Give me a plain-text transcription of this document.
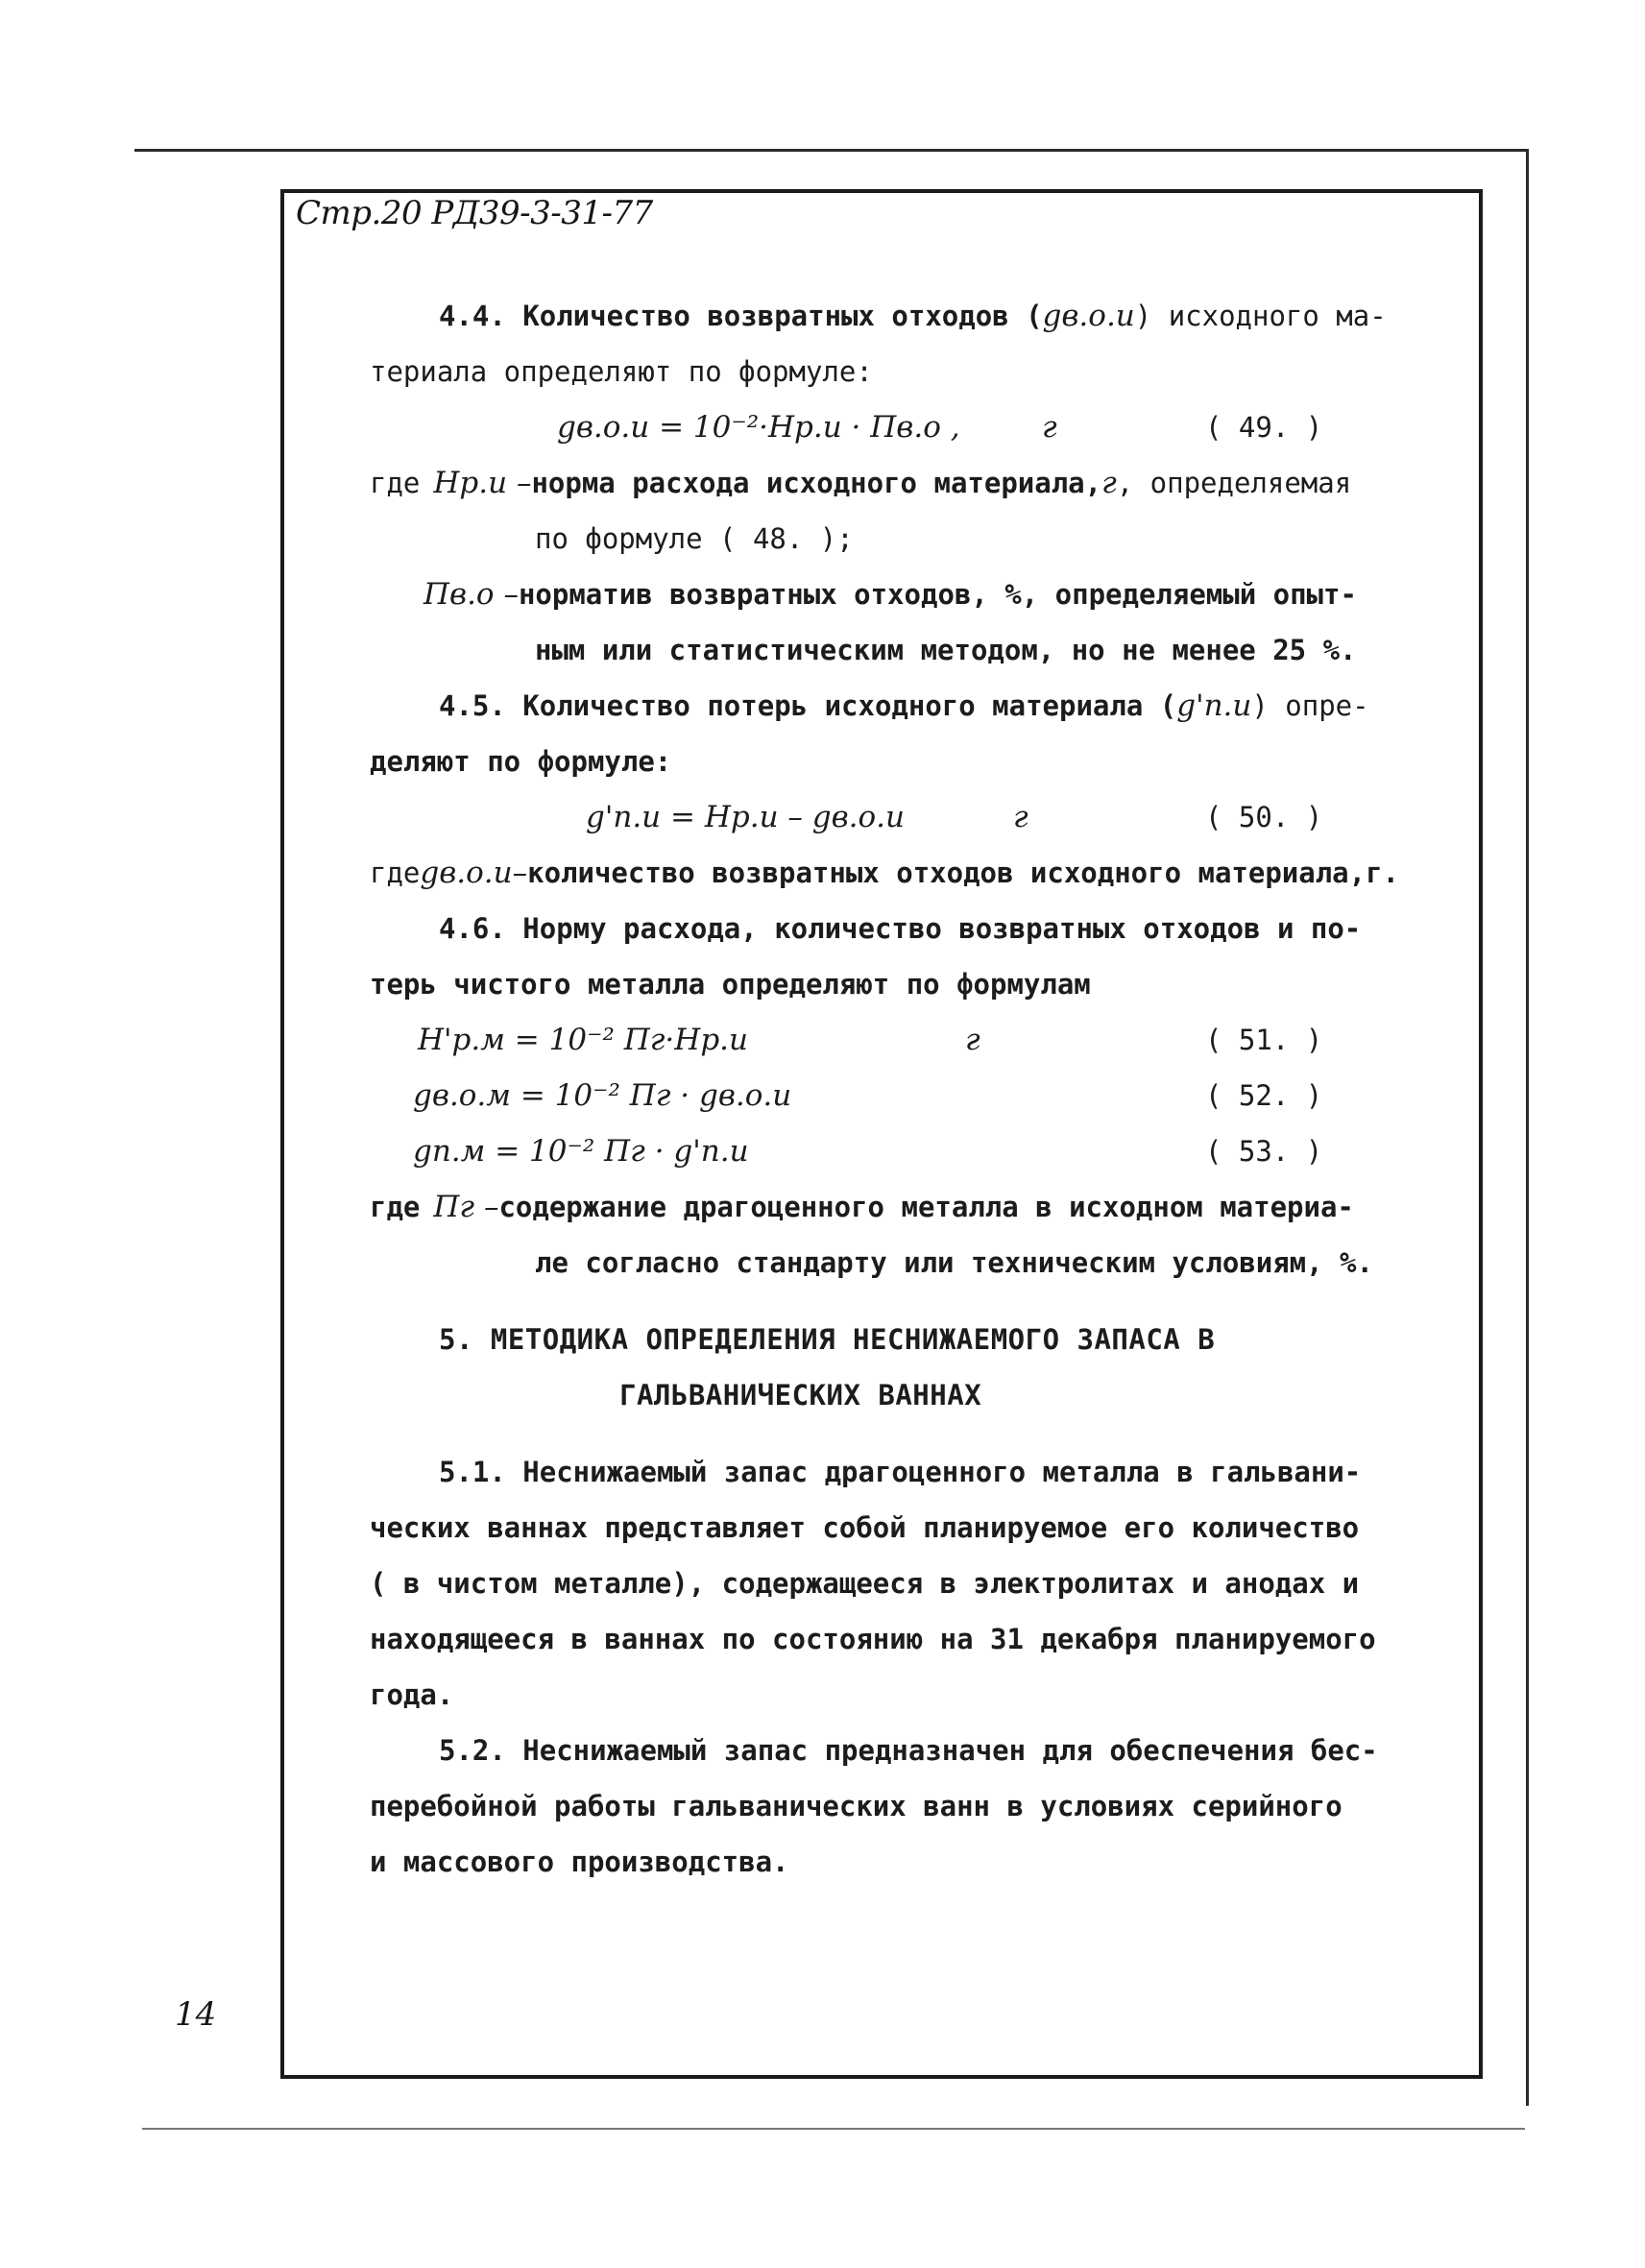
Стр.20 РД39-3-31-77

4.4. Количество возвратных отходов (gв.о.и) исходного ма-

териала определяют по формуле:

gв.о.и = 10⁻²·Нр.и · Пв.о ,	г	( 49. )
где Нр.и – норма расхода исходного материала, г , определяемая

по формуле ( 48. );

Пв.о – норматив возвратных отходов, %, определяемый опыт-

ным или статистическим методом, но не менее 25 %.

4.5. Количество потерь исходного материала (g'п.и) опре-

деляют по формуле:

g'п.и = Нр.и – gв.о.и	г	( 50. )
где gв.о.и– количество возвратных отходов исходного материала,г.

4.6. Норму расхода, количество возвратных отходов и по-

терь чистого металла определяют по формулам

Н'р.м = 10⁻² Пг·Нр.и	г	( 51. )
gв.о.м = 10⁻² Пг · gв.о.и	( 52. )
gп.м = 10⁻² Пг · g'п.и	( 53. )
где Пг – содержание драгоценного металла в исходном материа-

ле согласно стандарту или техническим условиям, %.

5. МЕТОДИКА ОПРЕДЕЛЕНИЯ НЕСНИЖАЕМОГО ЗАПАСА В

ГАЛЬВАНИЧЕСКИХ ВАННАХ

5.1. Неснижаемый запас драгоценного металла в гальвани-

ческих ваннах представляет собой планируемое его количество

( в чистом металле), содержащееся в электролитах и анодах и

находящееся в ваннах по состоянию на 31 декабря планируемого

года.

5.2. Неснижаемый запас предназначен для обеспечения бес-

перебойной работы гальванических ванн в условиях серийного

и массового производства.

14
